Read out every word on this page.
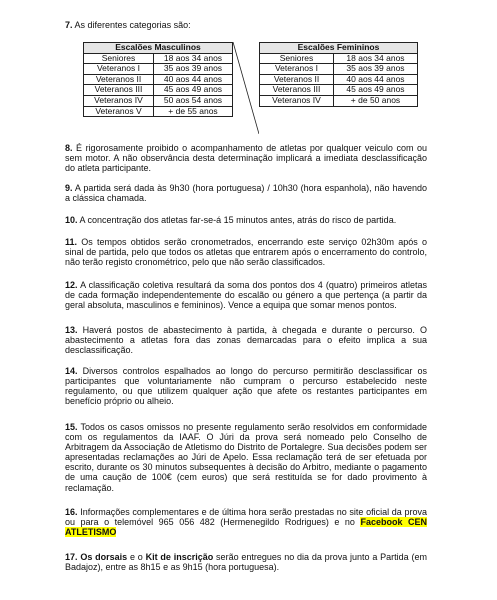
7. As diferentes categorias são:
Escalões Masculinos	
Seniores	18 aos 34 anos
Veteranos I	35 aos 39 anos
Veteranos II	40 aos 44 anos
Veteranos III	45 aos 49 anos
Veteranos IV	50 aos 54 anos
Veteranos V	+ de 55 anos
Escalões Femininos	
Seniores	18 aos 34 anos
Veteranos I	35 aos 39 anos
Veteranos II	40 aos 44 anos
Veteranos III	45 aos 49 anos
Veteranos IV	+ de 50 anos

8. É rigorosamente proibido o acompanhamento de atletas por qualquer veiculo com ou sem motor. A não observância desta determinação implicará a imediata desclassificação do atleta participante.

9. A partida será dada às 9h30 (hora portuguesa) / 10h30 (hora espanhola), não havendo a clássica chamada.

10. A concentração dos atletas far-se-á 15 minutos antes, atrás do risco de partida.

11. Os tempos obtidos serão cronometrados, encerrando este serviço 02h30m após o sinal de partida, pelo que todos os atletas que entrarem após o encerramento do controlo, não terão registo cronométrico, pelo que não serão classificados.

12. A classificação coletiva resultará da soma dos pontos dos 4 (quatro) primeiros atletas de cada formação independentemente do escalão ou género a que pertença (a partir da geral absoluta, masculinos e femininos). Vence a equipa que somar menos pontos.

13. Haverá postos de abastecimento à partida, à chegada e durante o percurso. O abastecimento a atletas fora das zonas demarcadas para o efeito implica a sua desclassificação.

14. Diversos controlos espalhados ao longo do percurso permitirão desclassificar os participantes que voluntariamente não cumpram o percurso estabelecido neste regulamento, ou que utilizem qualquer ação que afete os restantes participantes em benefício próprio ou alheio.

15. Todos os casos omissos no presente regulamento serão resolvidos em conformidade com os regulamentos da IAAF. O Júri da prova será nomeado pelo Conselho de Arbitragem da Associação de Atletismo do Distrito de Portalegre. Sua decisões podem ser apresentadas reclamações ao Júri de Apelo. Essa reclamação terá de ser efetuada por escrito, durante os 30 minutos subsequentes à decisão do Arbitro, mediante o pagamento de uma caução de 100€ (cem euros) que será restituída se for dado provimento à reclamação.

16. Informações complementares e de última hora serão prestadas no site oficial da prova ou para o telemóvel 965 056 482 (Hermenegildo Rodrigues) e no Facebook CEN ATLETISMO

17. Os dorsais e o Kit de inscrição serão entregues no dia da prova junto a Partida (em Badajoz), entre as 8h15 e as 9h15 (hora portuguesa).
